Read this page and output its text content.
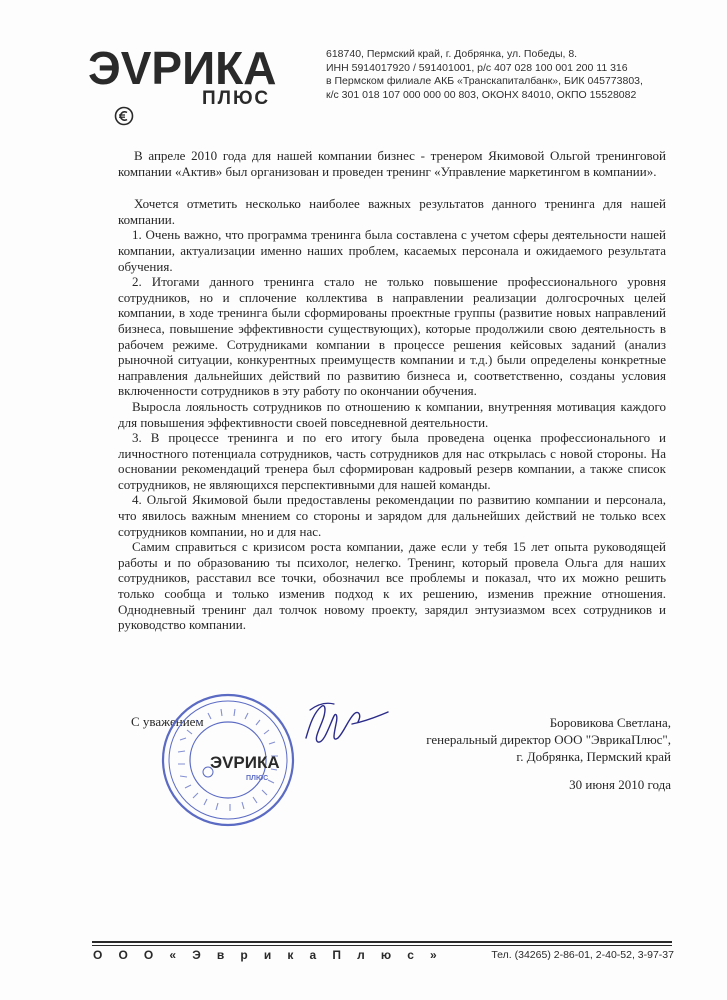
ЭVРИКА
ПЛЮС
618740, Пермский край, г. Добрянка, ул. Победы, 8.
ИНН 5914017920 / 591401001, р/с 407 028 100 001 200 11 316
в Пермском филиале АКБ «Транскапиталбанк», БИК 045773803,
к/с 301 018 107 000 000 00 803, ОКОНХ 84010, ОКПО 15528082

В апреле 2010 года для нашей компании бизнес - тренером Якимовой Ольгой тренинговой компании «Актив» был организован и проведен тренинг «Управление маркетингом в компании».

Хочется отметить несколько наиболее важных результатов данного тренинга для нашей компании.

1. Очень важно, что программа тренинга была составлена с учетом сферы деятельности нашей компании, актуализации именно наших проблем, касаемых персонала и ожидаемого результата обучения.

2. Итогами данного тренинга стало не только повышение профессионального уровня сотрудников, но и сплочение коллектива в направлении реализации долгосрочных целей компании, в ходе тренинга были сформированы проектные группы (развитие новых направлений бизнеса, повышение эффективности существующих), которые продолжили свою деятельность в рабочем режиме. Сотрудниками компании в процессе решения кейсовых заданий (анализ рыночной ситуации, конкурентных преимуществ компании и т.д.) были определены конкретные направления дальнейших действий по развитию бизнеса и, соответственно, созданы условия включенности сотрудников в эту работу по окончании обучения.

Выросла лояльность сотрудников по отношению к компании, внутренняя мотивация каждого для повышения эффективности своей повседневной деятельности.

3. В процессе тренинга и по его итогу была проведена оценка профессионального и личностного потенциала сотрудников, часть сотрудников для нас открылась с новой стороны. На основании рекомендаций тренера был сформирован кадровый резерв компании, а также список сотрудников, не являющихся перспективными для нашей команды.

4. Ольгой Якимовой были предоставлены рекомендации по развитию компании и персонала, что явилось важным мнением со стороны и зарядом для дальнейших действий не только всех сотрудников компании, но и для нас.

Самим справиться с кризисом роста компании, даже если у тебя 15 лет опыта руководящей работы и по образованию ты психолог, нелегко. Тренинг, который провела Ольга для наших сотрудников, расставил все точки, обозначил все проблемы и показал, что их можно решить только сообща и только изменив подход к их решению, изменив прежние отношения. Однодневный тренинг дал толчок новому проекту, зарядил энтузиазмом всех сотрудников и руководство компании.

С уважением
ЭVРИКА
ПЛЮС
Боровикова Светлана,
генеральный директор ООО "ЭврикаПлюс",
г. Добрянка, Пермский край
30 июня 2010 года
О О О « Э в р и к а П л ю с »	Тел. (34265) 2-86-01, 2-40-52, 3-97-37
